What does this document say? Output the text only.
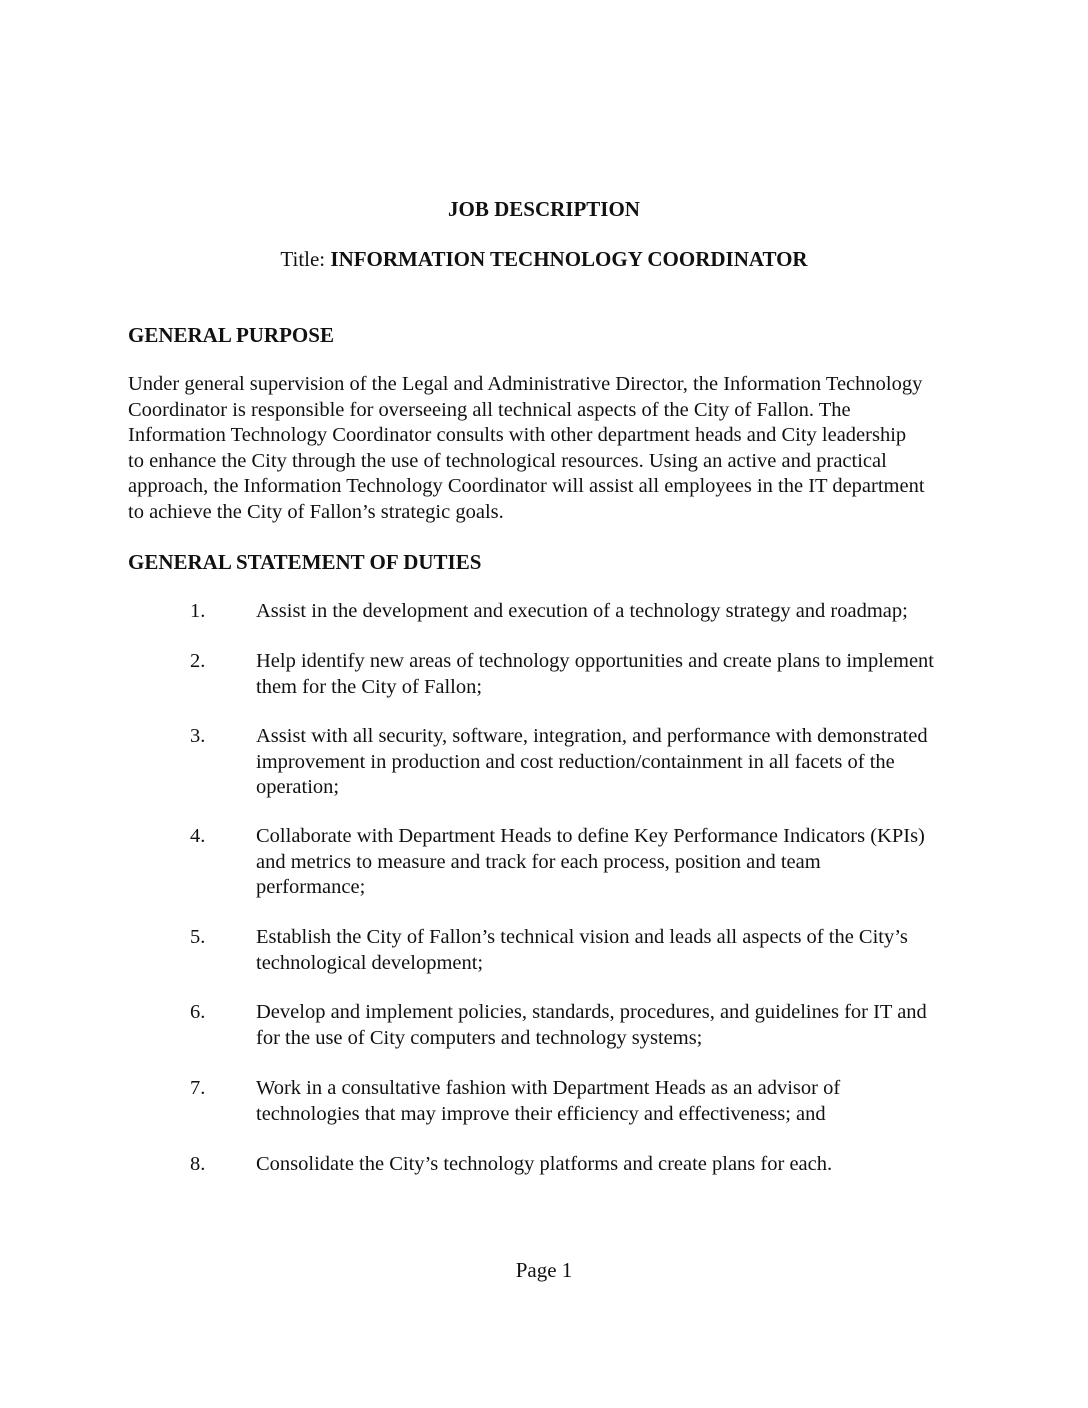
JOB DESCRIPTION
Title: INFORMATION TECHNOLOGY COORDINATOR
GENERAL PURPOSE
Under general supervision of the Legal and Administrative Director, the Information Technology
Coordinator is responsible for overseeing all technical aspects of the City of Fallon. The
Information Technology Coordinator consults with other department heads and City leadership
to enhance the City through the use of technological resources. Using an active and practical
approach, the Information Technology Coordinator will assist all employees in the IT department
to achieve the City of Fallon’s strategic goals.
GENERAL STATEMENT OF DUTIES
1. Assist in the development and execution of a technology strategy and roadmap;
2. Help identify new areas of technology opportunities and create plans to implement
them for the City of Fallon;
3. Assist with all security, software, integration, and performance with demonstrated
improvement in production and cost reduction/containment in all facets of the
operation;
4. Collaborate with Department Heads to define Key Performance Indicators (KPIs)
and metrics to measure and track for each process, position and team
performance;
5. Establish the City of Fallon’s technical vision and leads all aspects of the City’s
technological development;
6. Develop and implement policies, standards, procedures, and guidelines for IT and
for the use of City computers and technology systems;
7. Work in a consultative fashion with Department Heads as an advisor of
technologies that may improve their efficiency and effectiveness; and
8. Consolidate the City’s technology platforms and create plans for each.
Page 1
